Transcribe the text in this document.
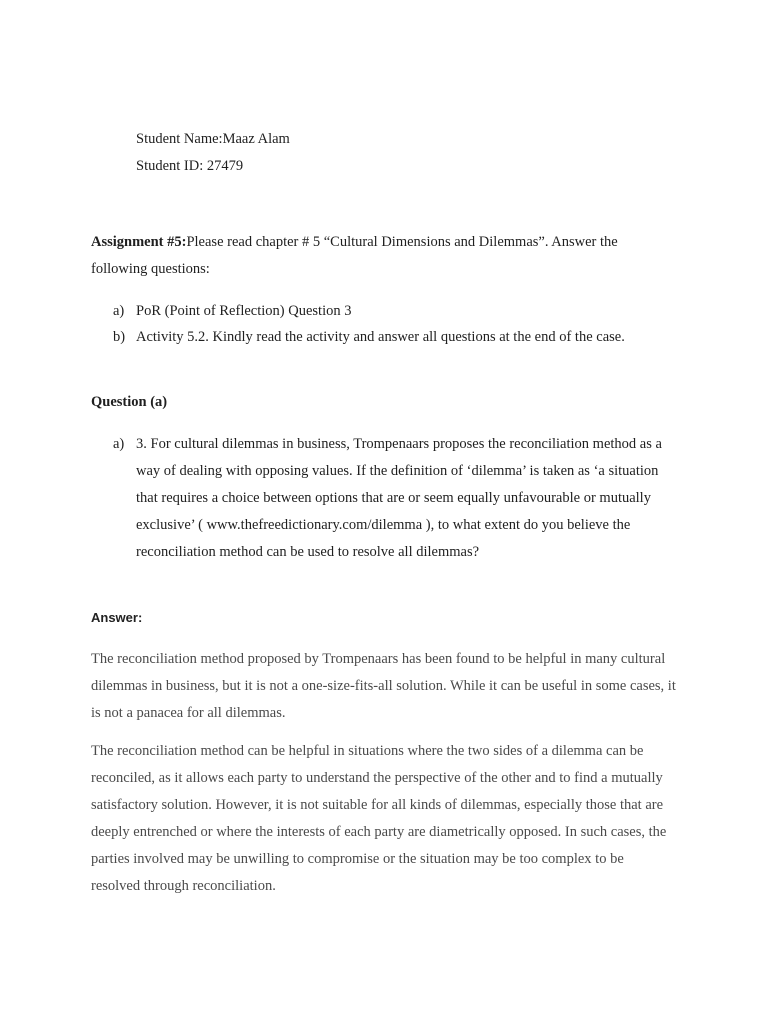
Student Name:Maaz Alam
Student ID: 27479
Assignment #5:Please read chapter # 5 “Cultural Dimensions and Dilemmas”. Answer the following questions:
a) PoR (Point of Reflection) Question 3
b) Activity 5.2. Kindly read the activity and answer all questions at the end of the case.
Question (a)
a) 3. For cultural dilemmas in business, Trompenaars proposes the reconciliation method as a way of dealing with opposing values. If the definition of ‘dilemma’ is taken as ‘a situation that requires a choice between options that are or seem equally unfavourable or mutually exclusive’ ( www.thefreedictionary.com/dilemma ), to what extent do you believe the reconciliation method can be used to resolve all dilemmas?
Answer:
The reconciliation method proposed by Trompenaars has been found to be helpful in many cultural dilemmas in business, but it is not a one-size-fits-all solution. While it can be useful in some cases, it is not a panacea for all dilemmas.
The reconciliation method can be helpful in situations where the two sides of a dilemma can be reconciled, as it allows each party to understand the perspective of the other and to find a mutually satisfactory solution. However, it is not suitable for all kinds of dilemmas, especially those that are deeply entrenched or where the interests of each party are diametrically opposed. In such cases, the parties involved may be unwilling to compromise or the situation may be too complex to be resolved through reconciliation.
